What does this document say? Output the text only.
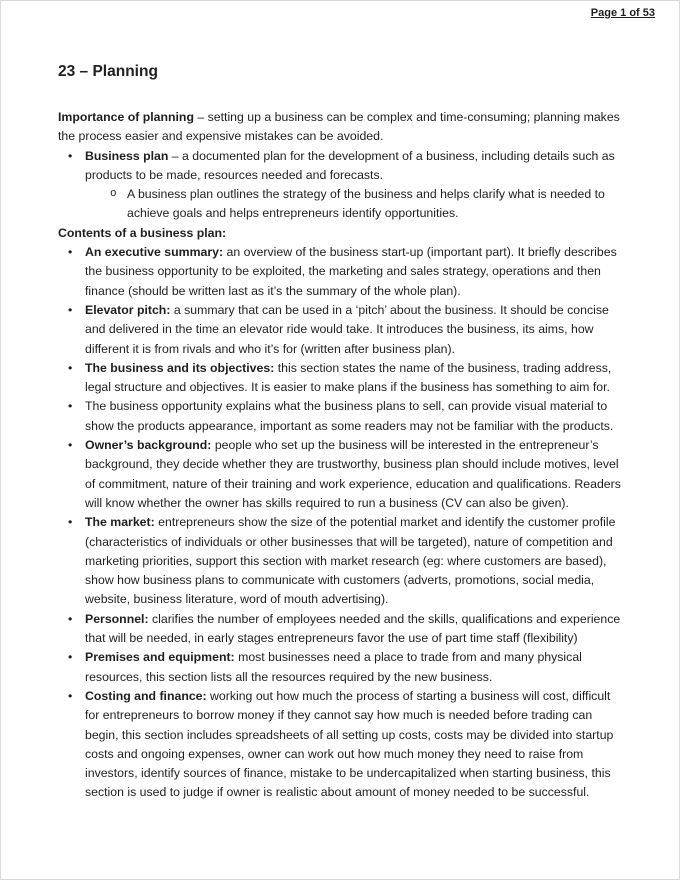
Page 1 of 53
23 – Planning

Importance of planning – setting up a business can be complex and time-consuming; planning makes the process easier and expensive mistakes can be avoided.

•	Business plan – a documented plan for the development of a business, including details such as products to be made, resources needed and forecasts.
o A business plan outlines the strategy of the business and helps clarify what is needed to achieve goals and helps entrepreneurs identify opportunities.

Contents of a business plan:

•	An executive summary: an overview of the business start-up (important part). It briefly describes the business opportunity to be exploited, the marketing and sales strategy, operations and then finance (should be written last as it’s the summary of the whole plan).
•	Elevator pitch: a summary that can be used in a ‘pitch’ about the business. It should be concise and delivered in the time an elevator ride would take. It introduces the business, its aims, how different it is from rivals and who it’s for (written after business plan).
•	The business and its objectives: this section states the name of the business, trading address, legal structure and objectives. It is easier to make plans if the business has something to aim for.
•	The business opportunity explains what the business plans to sell, can provide visual material to show the products appearance, important as some readers may not be familiar with the products.
•	Owner’s background: people who set up the business will be interested in the entrepreneur’s background, they decide whether they are trustworthy, business plan should include motives, level of commitment, nature of their training and work experience, education and qualifications. Readers will know whether the owner has skills required to run a business (CV can also be given).
•	The market: entrepreneurs show the size of the potential market and identify the customer profile (characteristics of individuals or other businesses that will be targeted), nature of competition and marketing priorities, support this section with market research (eg: where customers are based), show how business plans to communicate with customers (adverts, promotions, social media, website, business literature, word of mouth advertising).
•	Personnel: clarifies the number of employees needed and the skills, qualifications and experience that will be needed, in early stages entrepreneurs favor the use of part time staff (flexibility)
•	Premises and equipment: most businesses need a place to trade from and many physical resources, this section lists all the resources required by the new business.
•	Costing and finance: working out how much the process of starting a business will cost, difficult for entrepreneurs to borrow money if they cannot say how much is needed before trading can begin, this section includes spreadsheets of all setting up costs, costs may be divided into startup costs and ongoing expenses, owner can work out how much money they need to raise from investors, identify sources of finance, mistake to be undercapitalized when starting business, this section is used to judge if owner is realistic about amount of money needed to be successful.
